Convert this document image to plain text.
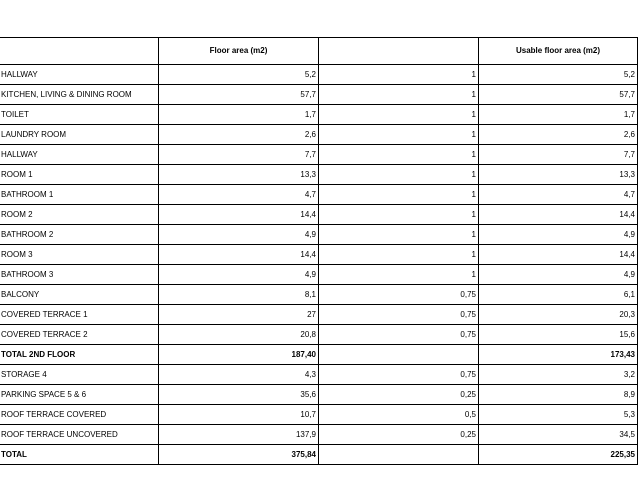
	Floor area (m2)		Usable floor area (m2)
HALLWAY	5,2	1	5,2
KITCHEN, LIVING & DINING ROOM	57,7	1	57,7
TOILET	1,7	1	1,7
LAUNDRY ROOM	2,6	1	2,6
HALLWAY	7,7	1	7,7
ROOM 1	13,3	1	13,3
BATHROOM 1	4,7	1	4,7
ROOM 2	14,4	1	14,4
BATHROOM 2	4,9	1	4,9
ROOM 3	14,4	1	14,4
BATHROOM 3	4,9	1	4,9
BALCONY	8,1	0,75	6,1
COVERED TERRACE 1	27	0,75	20,3
COVERED TERRACE 2	20,8	0,75	15,6
TOTAL 2ND FLOOR	187,40		173,43
STORAGE 4	4,3	0,75	3,2
PARKING SPACE 5 & 6	35,6	0,25	8,9
ROOF TERRACE COVERED	10,7	0,5	5,3
ROOF TERRACE UNCOVERED	137,9	0,25	34,5
TOTAL	375,84		225,35
